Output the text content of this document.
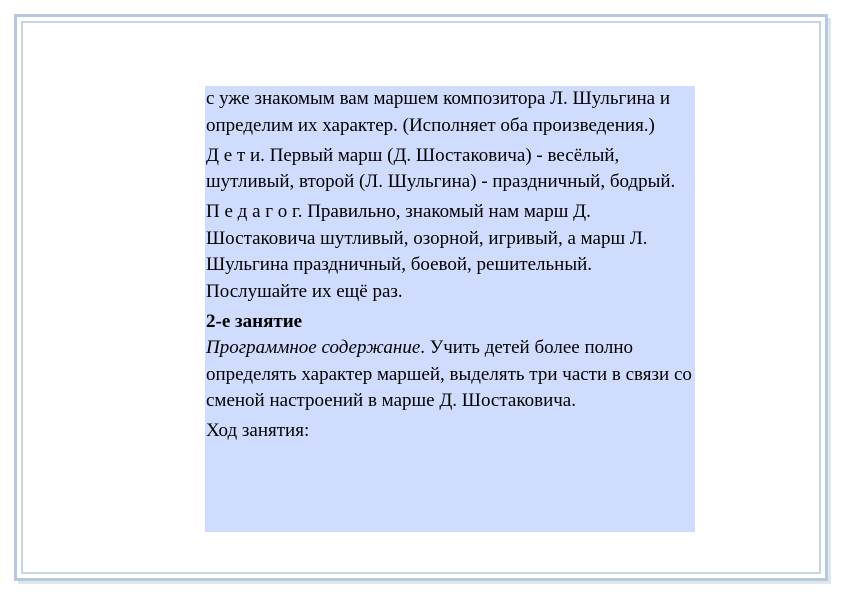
с уже знакомым вам маршем композитора Л. Шульгина и определим их характер. (Исполняет оба произведения.)

Д е т и. Первый марш (Д. Шостаковича) - весёлый, шутливый, второй (Л. Шульгина) - праздничный, бодрый.

П е д а г о г. Правильно, знакомый нам марш Д. Шостаковича шутливый, озорной, игривый, а марш Л. Шульгина праздничный, боевой, решительный. Послушайте их ещё раз.

2-е занятие

Программное содержание. Учить детей более полно определять характер маршей, выделять три части в связи со сменой настроений в марше Д. Шостаковича.

Ход занятия:
